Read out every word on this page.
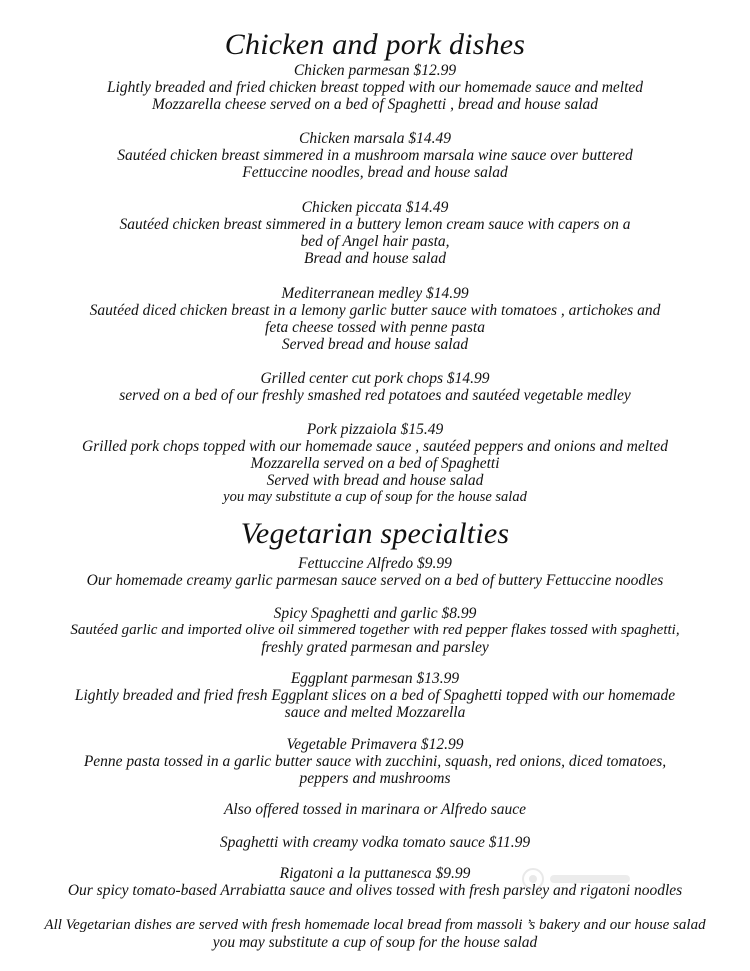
Chicken and pork dishes
Chicken parmesan $12.99
Lightly breaded and fried chicken breast topped with our homemade sauce and melted
Mozzarella cheese served on a bed of Spaghetti , bread and house salad
Chicken marsala $14.49
Sautéed chicken breast simmered in a mushroom marsala wine sauce over buttered
Fettuccine noodles, bread and house salad
Chicken piccata $14.49
Sautéed chicken breast simmered in a buttery lemon cream sauce with capers on a
bed of Angel hair pasta,
Bread and house salad
Mediterranean medley $14.99
Sautéed diced chicken breast in a lemony garlic butter sauce with tomatoes , artichokes and
feta cheese tossed with penne pasta
Served bread and house salad
Grilled center cut pork chops $14.99
served on a bed of our freshly smashed red potatoes and sautéed vegetable medley
Pork pizzaiola $15.49
Grilled pork chops topped with our homemade sauce , sautéed peppers and onions and melted
Mozzarella served on a bed of Spaghetti
Served with bread and house salad
you may substitute a cup of soup for the house salad
Vegetarian specialties
Fettuccine Alfredo $9.99
Our homemade creamy garlic parmesan sauce served on a bed of buttery Fettuccine noodles
Spicy Spaghetti and garlic $8.99
Sautéed garlic and imported olive oil simmered together with red pepper flakes tossed with spaghetti,
freshly grated parmesan and parsley
Eggplant parmesan $13.99
Lightly breaded and fried fresh Eggplant slices on a bed of Spaghetti topped with our homemade
sauce and melted Mozzarella
Vegetable Primavera $12.99
Penne pasta tossed in a garlic butter sauce with zucchini, squash, red onions, diced tomatoes,
peppers and mushrooms
Also offered tossed in marinara or Alfredo sauce
Spaghetti with creamy vodka tomato sauce $11.99
Rigatoni a la puttanesca $9.99
Our spicy tomato-based Arrabiatta sauce and olives tossed with fresh parsley and rigatoni noodles
All Vegetarian dishes are served with fresh homemade local bread from massoli ’s bakery and our house salad
you may substitute a cup of soup for the house salad
